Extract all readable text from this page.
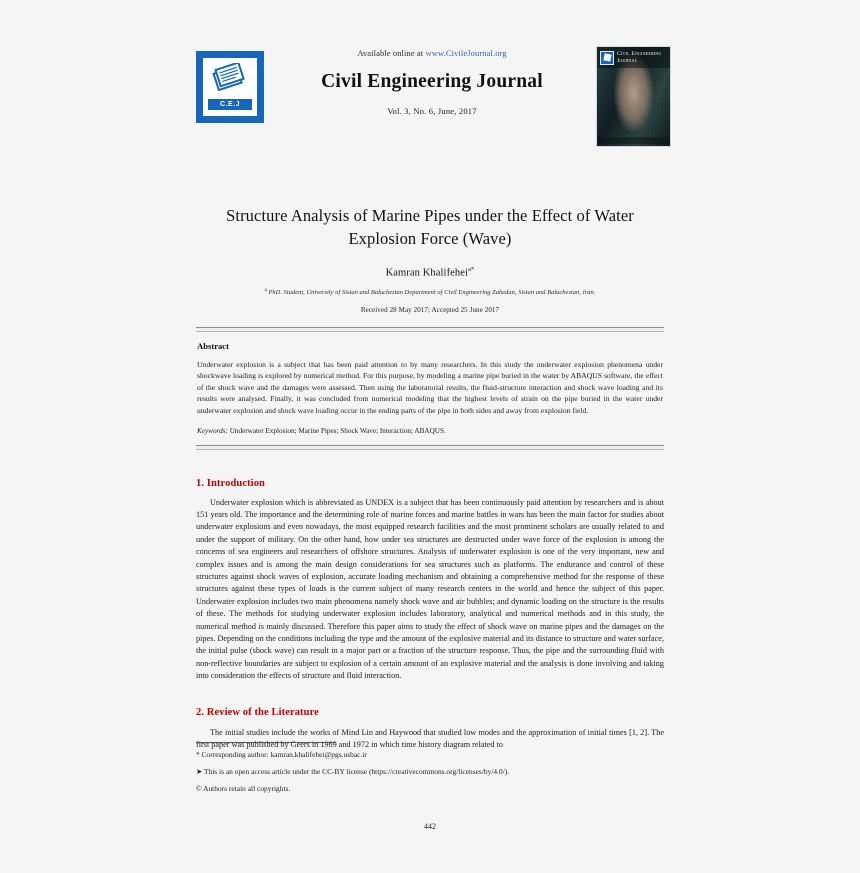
C.E.J
Available online at www.CivileJournal.org
Civil Engineering Journal
Vol. 3, No. 6, June, 2017
Civil Engineering Journal
Structure Analysis of Marine Pipes under the Effect of Water Explosion Force (Wave)
Kamran Khalifehei$^{a*}$
$^a$ PhD. Student, University of Sistan and Baluchestan Department of Civil Engineering Zahedan, Sistan and Baluchestan, Iran.
Received 28 May 2017; Accepted 25 June 2017
Abstract
Underwater explosion is a subject that has been paid attention to by many researchers. In this study the underwater explosion phenomena under shockwave loading is explored by numerical method. For this purpose, by modeling a marine pipe buried in the water by ABAQUS software, the effect of the shock wave and the damages were assessed. Then using the laboratorial results, the fluid-structure interaction and shock wave loading and its results were analysed. Finally, it was concluded from numerical modeling that the highest levels of strain on the pipe buried in the water under underwater explosion and shock wave loading occur in the ending parts of the pipe in both sides and away from explosion field.
Keywords: Underwater Explosion; Marine Pipes; Shock Wave; Interaction; ABAQUS.
1. Introduction
Underwater explosion which is abbreviated as UNDEX is a subject that has been continuously paid attention by researchers and is about 151 years old. The importance and the determining role of marine forces and marine battles in wars has been the main factor for studies about underwater explosions and even nowadays, the most equipped research facilities and the most prominent scholars are usually related to and under the support of military. On the other hand, how under sea structures are destructed under wave force of the explosion is among the concerns of sea engineers and researchers of offshore structures. Analysis of underwater explosion is one of the very important, new and complex issues and is among the main design considerations for sea structures such as platforms. The endurance and control of these structures against shock waves of explosion, accurate loading mechanism and obtaining a comprehensive method for the response of these structures against these types of loads is the current subject of many research centers in the world and hence the subject of this paper. Underwater explosion includes two main phenomena namely shock wave and air bubbles; and dynamic loading on the structure is the results of these. The methods for studying underwater explosion includes laboratory, analytical and numerical methods and in this study, the numerical method is mainly discussed. Therefore this paper aims to study the effect of shock wave on marine pipes and the damages on the pipes. Depending on the conditions including the type and the amount of the explosive material and its distance to structure and water surface, the initial pulse (shock wave) can result in a major part or a fraction of the structure response. Thus, the pipe and the surrounding fluid with non-reflective boundaries are subject to explosion of a certain amount of an explosive material and the analysis is done involving and taking into consideration the effects of structure and fluid interaction.
2. Review of the Literature
The initial studies include the works of Mind Lin and Haywood that studied low modes and the approximation of initial times [1, 2]. The first paper was published by Geers in 1969 and 1972 in which time history diagram related to
* Corresponding author: kamran.khalifehei@pgs.usbac.ir
➤ This is an open access article under the CC-BY license (https://creativecommons.org/licenses/by/4.0/).
© Authors retain all copyrights.
442
